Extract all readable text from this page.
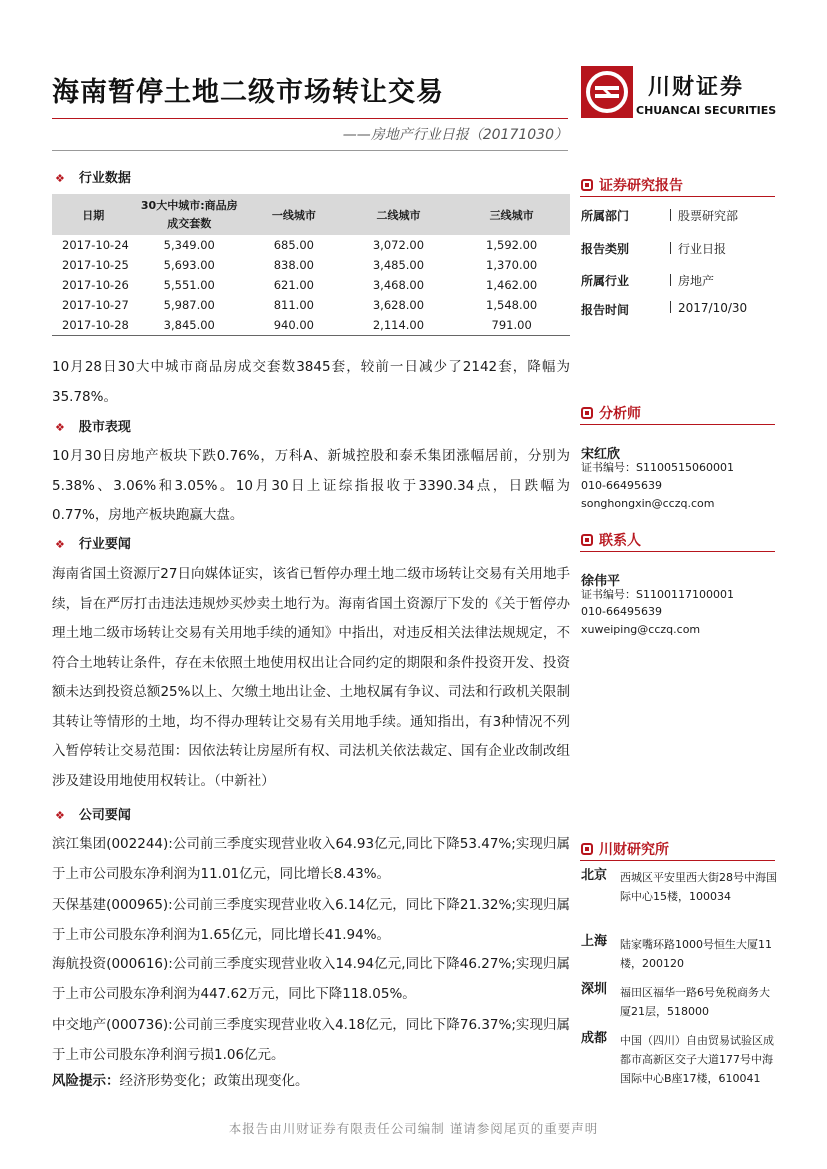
海南暂停土地二级市场转让交易	川财证券
CHUANCAI SECURITIES
——房地产行业日报（20171030）
❖ 行业数据
日期	30大中城市:商品房成交套数	一线城市	二线城市	三线城市
2017-10-24	5,349.00	685.00	3,072.00	1,592.00
2017-10-25	5,693.00	838.00	3,485.00	1,370.00
2017-10-26	5,551.00	621.00	3,468.00	1,462.00
2017-10-27	5,987.00	811.00	3,628.00	1,548.00
2017-10-28	3,845.00	940.00	2,114.00	791.00
10月28日30大中城市商品房成交套数3845套，较前一日减少了2142套，降幅为35.78%。
❖ 股市表现
10月30日房地产板块下跌0.76%，万科A、新城控股和泰禾集团涨幅居前，分别为5.38%、3.06%和3.05%。10月30日上证综指报收于3390.34点，日跌幅为0.77%，房地产板块跑赢大盘。
❖ 行业要闻
海南省国土资源厅27日向媒体证实，该省已暂停办理土地二级市场转让交易有关用地手续，旨在严厉打击违法违规炒买炒卖土地行为。海南省国土资源厅下发的《关于暂停办理土地二级市场转让交易有关用地手续的通知》中指出，对违反相关法律法规规定，不符合土地转让条件，存在未依照土地使用权出让合同约定的期限和条件投资开发、投资额未达到投资总额25%以上、欠缴土地出让金、土地权属有争议、司法和行政机关限制其转让等情形的土地，均不得办理转让交易有关用地手续。通知指出，有3种情况不列入暂停转让交易范围：因依法转让房屋所有权、司法机关依法裁定、国有企业改制改组涉及建设用地使用权转让。（中新社）
❖ 公司要闻
滨江集团(002244):公司前三季度实现营业收入64.93亿元,同比下降53.47%;实现归属于上市公司股东净利润为11.01亿元，同比增长8.43%。
天保基建(000965):公司前三季度实现营业收入6.14亿元，同比下降21.32%;实现归属于上市公司股东净利润为1.65亿元，同比增长41.94%。
海航投资(000616):公司前三季度实现营业收入14.94亿元,同比下降46.27%;实现归属于上市公司股东净利润为447.62万元，同比下降118.05%。
中交地产(000736):公司前三季度实现营业收入4.18亿元，同比下降76.37%;实现归属于上市公司股东净利润亏损1.06亿元。
风险提示：经济形势变化；政策出现变化。
证券研究报告
所属部门	股票研究部
报告类别	行业日报
所属行业	房地产
报告时间	2017/10/30
分析师
宋红欣
证书编号：S1100515060001
010-66495639
songhongxin@cczq.com
联系人
徐伟平
证书编号：S1100117100001
010-66495639
xuweiping@cczq.com
川财研究所
北京 西城区平安里西大街28号中海国际中心15楼，100034
上海 陆家嘴环路1000号恒生大厦11楼，200120
深圳 福田区福华一路6号免税商务大厦21层，518000
成都 中国（四川）自由贸易试验区成都市高新区交子大道177号中海国际中心B座17楼，610041
本报告由川财证券有限责任公司编制 谨请参阅尾页的重要声明
